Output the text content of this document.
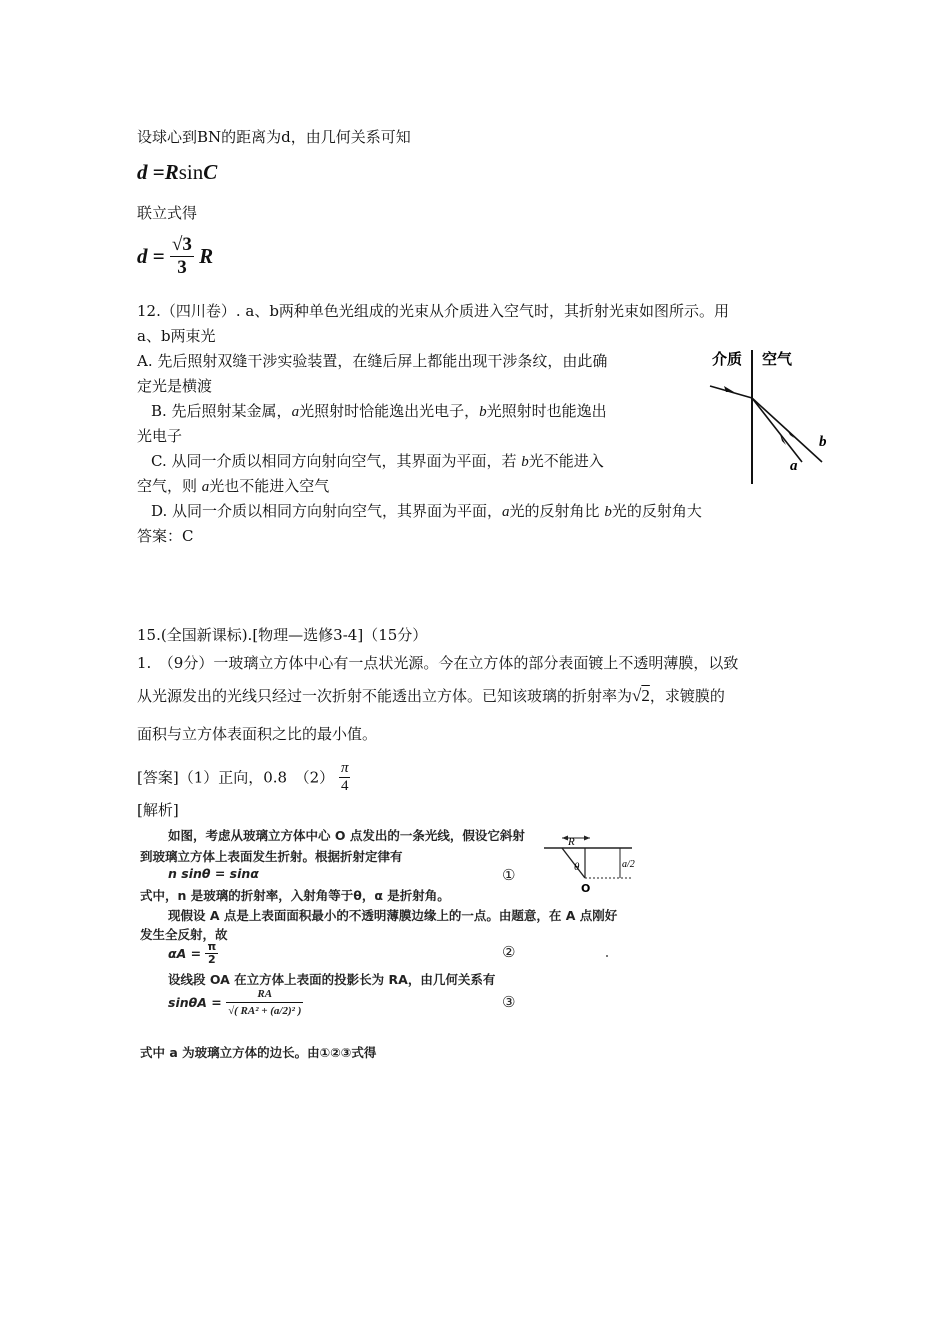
设球心到BN的距离为d，由几何关系可知
d =RsinC
联立式得
$d = \frac{√3}{3}$ R
12.（四川卷）. a、b两种单色光组成的光束从介质进入空气时，其折射光束如图所示。用
a、b两束光
A. 先后照射双缝干涉实验装置，在缝后屏上都能出现干涉条纹，由此确
定光是横渡
B. 先后照射某金属，a光照射时恰能逸出光电子，b光照射时也能逸出
光电子
C. 从同一介质以相同方向射向空气，其界面为平面，若 b光不能进入
空气，则 a光也不能进入空气
D. 从同一介质以相同方向射向空气，其界面为平面，a光的反射角比 b光的反射角大
答案：C
介质 空气
b
a
15.(全国新课标).[物理—选修3-4]（15分）
1.　（9分）一玻璃立方体中心有一点状光源。今在立方体的部分表面镀上不透明薄膜，以致
从光源发出的光线只经过一次折射不能透出立方体。已知该玻璃的折射率为√2，求镀膜的
面积与立方体表面积之比的最小值。
[答案]（1）正向，0.8　$(2) \frac{\pi}{4}$
[解析]
如图，考虑从玻璃立方体中心 O 点发出的一条光线，假设它斜射
到玻璃立方体上表面发生折射。根据折射定律有
n sinθ = sinα	①
式中，n 是玻璃的折射率，入射角等于θ，α 是折射角。
现假设 A 点是上表面面积最小的不透明薄膜边缘上的一点。由题意，在 A 点刚好
发生全反射，故
$\alpha A = \frac{\pi}{2}$	②
设线段 OA 在立方体上表面的投影长为 RA，由几何关系有
$\sin\theta A = \frac{RA}{\text{√( RA² + (a/2)² )}}$	③
式中 a 为玻璃立方体的边长。由①②③式得
R
θ	a/2
O
